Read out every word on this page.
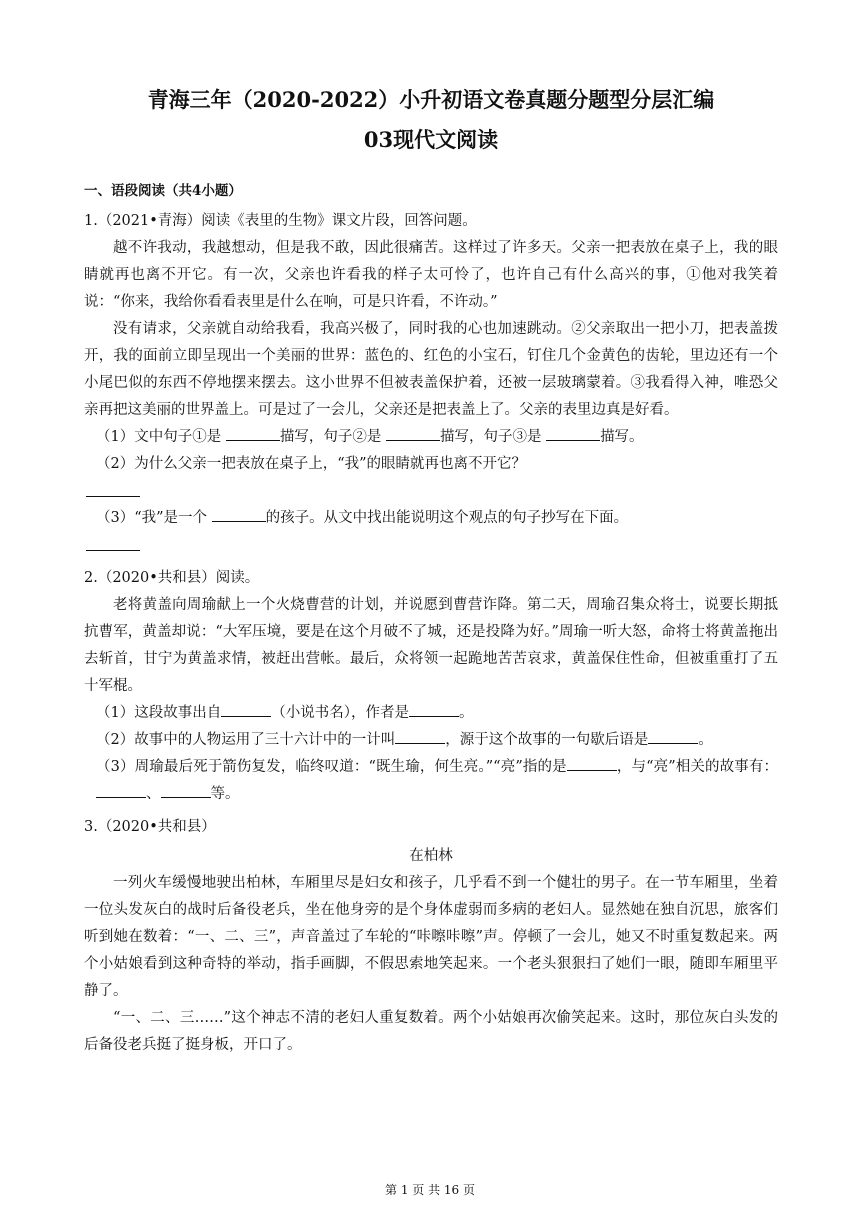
青海三年（2020-2022）小升初语文卷真题分题型分层汇编
03现代文阅读
一、语段阅读（共4小题）

1.（2021•青海）阅读《表里的生物》课文片段，回答问题。

越不许我动，我越想动，但是我不敢，因此很痛苦。这样过了许多天。父亲一把表放在桌子上，我的眼睛就再也离不开它。有一次，父亲也许看我的样子太可怜了，也许自己有什么高兴的事，①他对我笑着说：“你来，我给你看看表里是什么在响，可是只许看，不许动。”

没有请求，父亲就自动给我看，我高兴极了，同时我的心也加速跳动。②父亲取出一把小刀，把表盖拨开，我的面前立即呈现出一个美丽的世界：蓝色的、红色的小宝石，钉住几个金黄色的齿轮，里边还有一个小尾巴似的东西不停地摆来摆去。这小世界不但被表盖保护着，还被一层玻璃蒙着。③我看得入神，唯恐父亲再把这美丽的世界盖上。可是过了一会儿，父亲还是把表盖上了。父亲的表里边真是好看。

（1）文中句子①是	描写，句子②是	描写，句子③是	描写。

（2）为什么父亲一把表放在桌子上，“我”的眼睛就再也离不开它？

（3）“我”是一个	的孩子。从文中找出能说明这个观点的句子抄写在下面。

2.（2020•共和县）阅读。

老将黄盖向周瑜献上一个火烧曹营的计划，并说愿到曹营诈降。第二天，周瑜召集众将士，说要长期抵抗曹军，黄盖却说：“大军压境，要是在这个月破不了城，还是投降为好。”周瑜一听大怒，命将士将黄盖拖出去斩首，甘宁为黄盖求情，被赶出营帐。最后，众将领一起跪地苦苦哀求，黄盖保住性命，但被重重打了五十军棍。

（1）这段故事出自	（小说书名），作者是	。

（2）故事中的人物运用了三十六计中的一计叫	，源于这个故事的一句歇后语是	。

（3）周瑜最后死于箭伤复发，临终叹道：“既生瑜，何生亮。”“亮”指的是	，与“亮”相关的故事有：、	等。

3.（2020•共和县）

在柏林

一列火车缓慢地驶出柏林，车厢里尽是妇女和孩子，几乎看不到一个健壮的男子。在一节车厢里，坐着一位头发灰白的战时后备役老兵，坐在他身旁的是个身体虚弱而多病的老妇人。显然她在独自沉思，旅客们听到她在数着：“一、二、三”，声音盖过了车轮的“咔嚓咔嚓”声。停顿了一会儿，她又不时重复数起来。两个小姑娘看到这种奇特的举动，指手画脚，不假思索地笑起来。一个老头狠狠扫了她们一眼，随即车厢里平静了。

“一、二、三……”这个神志不清的老妇人重复数着。两个小姑娘再次偷笑起来。这时，那位灰白头发的后备役老兵挺了挺身板，开口了。

第 1 页 共 16 页
